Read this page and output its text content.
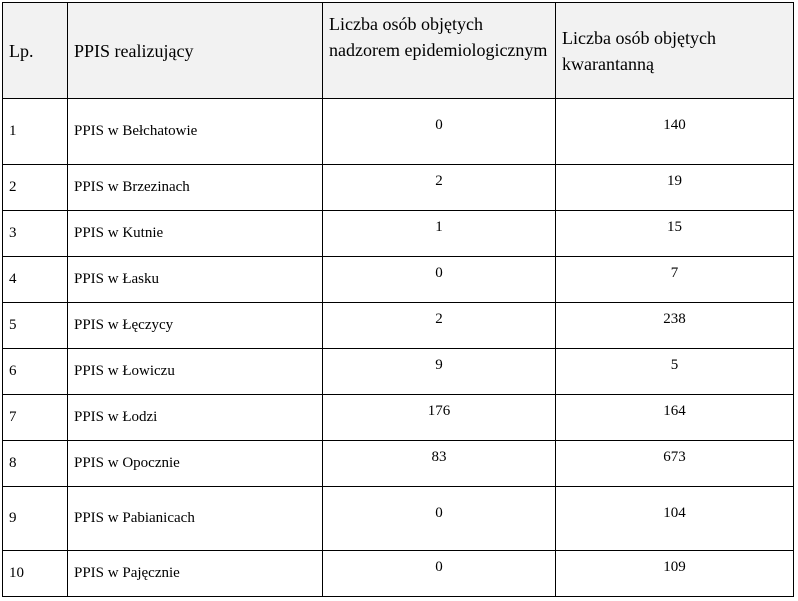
Lp.	PPIS realizujący	Liczba osób objętych nadzorem epidemiologicznym	Liczba osób objętych kwarantanną
1	PPIS w Bełchatowie	0	140
2	PPIS w Brzezinach	2	19
3	PPIS w Kutnie	1	15
4	PPIS w Łasku	0	7
5	PPIS w Łęczycy	2	238
6	PPIS w Łowiczu	9	5
7	PPIS w Łodzi	176	164
8	PPIS w Opocznie	83	673
9	PPIS w Pabianicach	0	104
10	PPIS w Pajęcznie	0	109
